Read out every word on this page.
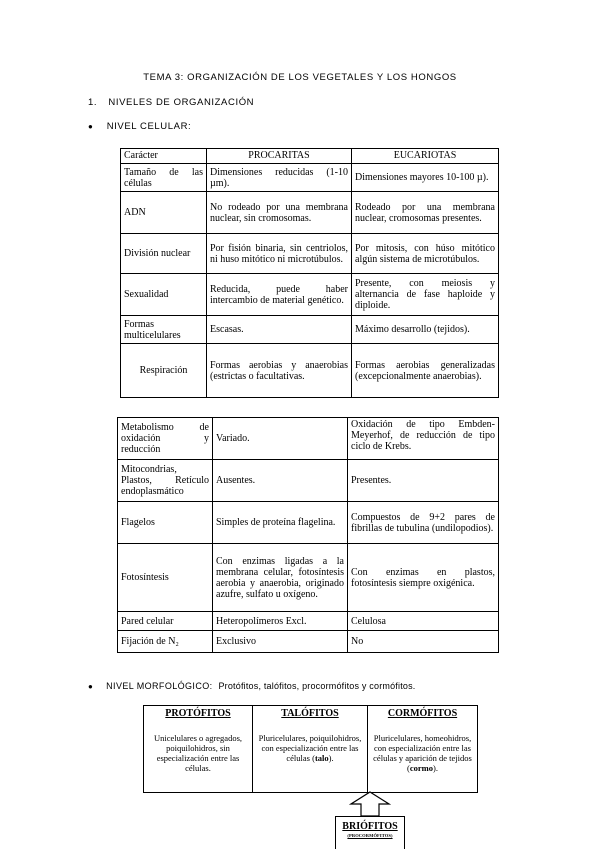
TEMA 3: ORGANIZACIÓN DE LOS VEGETALES Y LOS HONGOS
1. NIVELES DE ORGANIZACIÓN
● NIVEL CELULAR:
Carácter	PROCARITAS	EUCARIOTAS
Tamaño de las células	Dimensiones reducidas (1-10 µm).	Dimensiones mayores 10-100 µ).
ADN	No rodeado por una membrana nuclear, sin cromosomas.	Rodeado por una membrana nuclear, cromosomas presentes.
División nuclear	Por fisión binaria, sin centriolos, ni huso mitótico ni microtúbulos.	Por mitosis, con húso mitótico algún sistema de microtúbulos.
Sexualidad	Reducida, puede haber intercambio de material genético.	Presente, con meiosis y alternancia de fase haploide y diploide.
Formas multicelulares	Escasas.	Máximo desarrollo (tejidos).
Respiración	Formas aerobias y anaerobias (estrictas o facultativas.	Formas aerobias generalizadas (excepcionalmente anaerobias).
Metabolismo de oxidación y reducción	Variado.	Oxidación de tipo Embden-Meyerhof, de reducción de tipo ciclo de Krebs.
Mitocondrias, Plastos, Retículo endoplasmático	Ausentes.	Presentes.
Flagelos	Simples de proteína flagelina.	Compuestos de 9+2 pares de fibrillas de tubulina (undilopodios).
Fotosíntesis	Con enzimas ligadas a la membrana celular, fotosíntesis aerobia y anaerobia, originado azufre, sulfato u oxígeno.	Con enzimas en plastos, fotosíntesis siempre oxigénica.
Pared celular	Heteropolímeros Excl.	Celulosa
Fijación de N₂	Exclusivo	No
● NIVEL MORFOLÓGICO: Protófitos, talófitos, procormófitos y cormófitos.
PROTÓFITOS
Unicelulares o agregados, poiquilohidros, sin especialización entre las células.
TALÓFITOS
Pluricelulares, poiquilohidros, con especialización entre las células (talo).
CORMÓFITOS
Pluricelulares, homeohidros, con especialización entre las células y aparición de tejidos (cormo).
BRIÓFITOS
(PROCORMÓFITOS)
